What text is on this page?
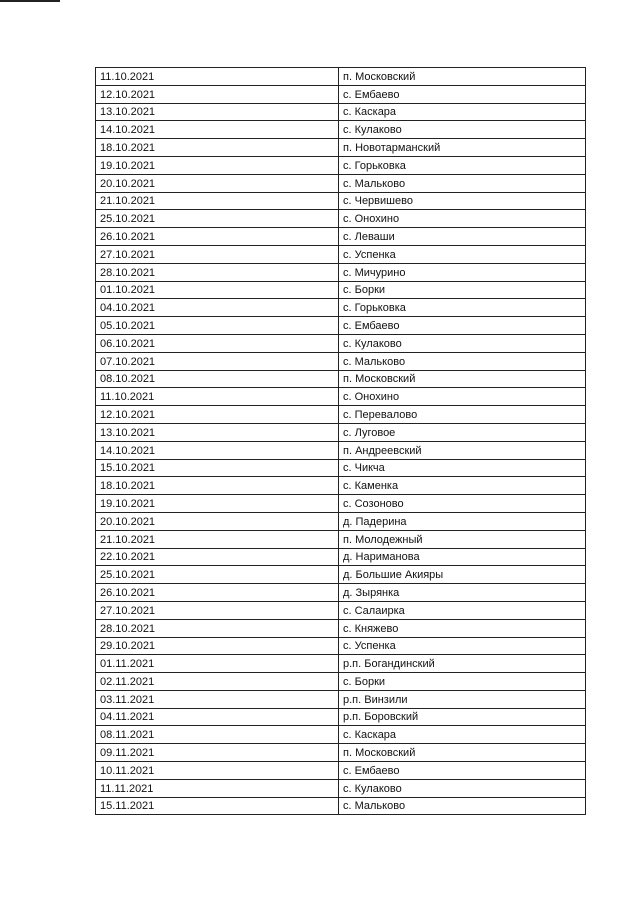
11.10.2021	п. Московский
12.10.2021	с. Ембаево
13.10.2021	с. Каскара
14.10.2021	с. Кулаково
18.10.2021	п. Новотарманский
19.10.2021	с. Горьковка
20.10.2021	с. Мальково
21.10.2021	с. Червишево
25.10.2021	с. Онохино
26.10.2021	с. Леваши
27.10.2021	с. Успенка
28.10.2021	с. Мичурино
01.10.2021	с. Борки
04.10.2021	с. Горьковка
05.10.2021	с. Ембаево
06.10.2021	с. Кулаково
07.10.2021	с. Мальково
08.10.2021	п. Московский
11.10.2021	с. Онохино
12.10.2021	с. Перевалово
13.10.2021	с. Луговое
14.10.2021	п. Андреевский
15.10.2021	с. Чикча
18.10.2021	с. Каменка
19.10.2021	с. Созоново
20.10.2021	д. Падерина
21.10.2021	п. Молодежный
22.10.2021	д. Нариманова
25.10.2021	д. Большие Акияры
26.10.2021	д. Зырянка
27.10.2021	с. Салаирка
28.10.2021	с. Княжево
29.10.2021	с. Успенка
01.11.2021	р.п. Богандинский
02.11.2021	с. Борки
03.11.2021	р.п. Винзили
04.11.2021	р.п. Боровский
08.11.2021	с. Каскара
09.11.2021	п. Московский
10.11.2021	с. Ембаево
11.11.2021	с. Кулаково
15.11.2021	с. Мальково
